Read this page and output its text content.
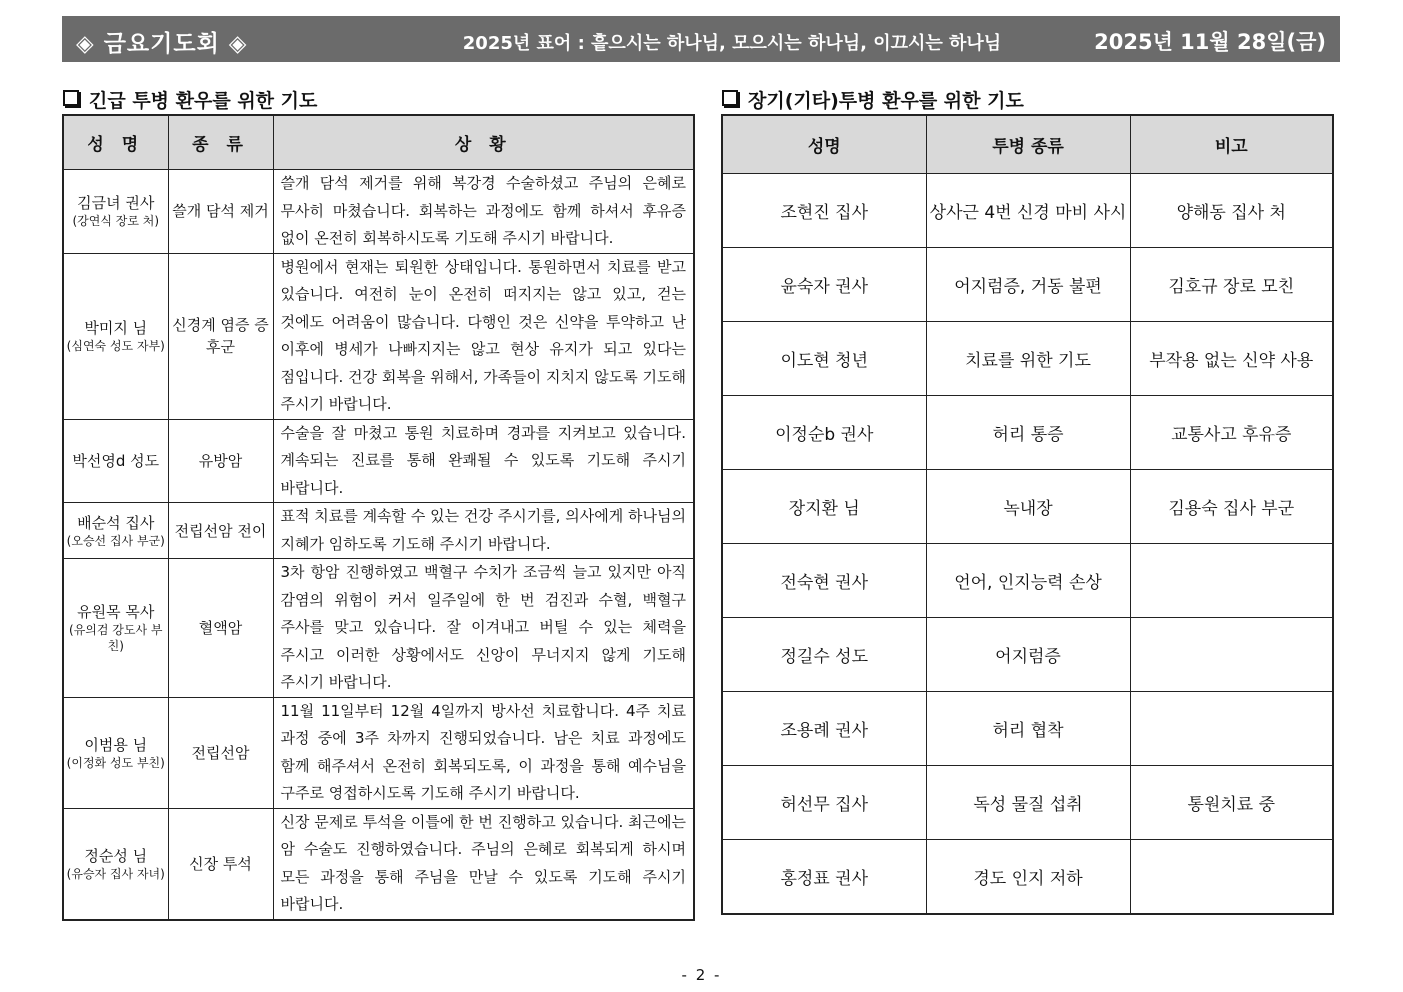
◈ 금요기도회 ◈	2025년 표어 : 흩으시는 하나님, 모으시는 하나님, 이끄시는 하나님	2025년 11월 28일(금)
긴급 투병 환우를 위한 기도	장기(기타)투병 환우를 위한 기도
성 명	종 류	상 황
김금녀 권사
(강연식 장로 처)	쓸개 담석 제거	쓸개 담석 제거를 위해 복강경 수술하셨고 주님의 은혜로 무사히 마쳤습니다. 회복하는 과정에도 함께 하셔서 후유증 없이 온전히 회복하시도록 기도해 주시기 바랍니다.
박미지 님
(심연숙 성도 자부)	신경계 염증 증후군	병원에서 현재는 퇴원한 상태입니다. 통원하면서 치료를 받고 있습니다. 여전히 눈이 온전히 떠지지는 않고 있고, 걷는 것에도 어려움이 많습니다. 다행인 것은 신약을 투약하고 난 이후에 병세가 나빠지지는 않고 현상 유지가 되고 있다는 점입니다. 건강 회복을 위해서, 가족들이 지치지 않도록 기도해 주시기 바랍니다.
박선영d 성도	유방암	수술을 잘 마쳤고 통원 치료하며 경과를 지켜보고 있습니다. 계속되는 진료를 통해 완쾌될 수 있도록 기도해 주시기 바랍니다.
배순석 집사
(오승선 집사 부군)	전립선암 전이	표적 치료를 계속할 수 있는 건강 주시기를, 의사에게 하나님의 지혜가 임하도록 기도해 주시기 바랍니다.
유원목 목사
(유의검 강도사 부친)	혈액암	3차 항암 진행하였고 백혈구 수치가 조금씩 늘고 있지만 아직 감염의 위험이 커서 일주일에 한 번 검진과 수혈, 백혈구 주사를 맞고 있습니다. 잘 이겨내고 버틸 수 있는 체력을 주시고 이러한 상황에서도 신앙이 무너지지 않게 기도해 주시기 바랍니다.
이범용 님
(이정화 성도 부친)	전립선암	11월 11일부터 12월 4일까지 방사선 치료합니다. 4주 치료 과정 중에 3주 차까지 진행되었습니다. 남은 치료 과정에도 함께 해주셔서 온전히 회복되도록, 이 과정을 통해 예수님을 구주로 영접하시도록 기도해 주시기 바랍니다.
정순성 님
(유승자 집사 자녀)	신장 투석	신장 문제로 투석을 이틀에 한 번 진행하고 있습니다. 최근에는 암 수술도 진행하였습니다. 주님의 은혜로 회복되게 하시며 모든 과정을 통해 주님을 만날 수 있도록 기도해 주시기 바랍니다.
성명	투병 종류	비고
조현진 집사	상사근 4번 신경 마비 사시	양해동 집사 처
윤숙자 권사	어지럼증, 거동 불편	김호규 장로 모친
이도현 청년	치료를 위한 기도	부작용 없는 신약 사용
이정순b 권사	허리 통증	교통사고 후유증
장지환 님	녹내장	김용숙 집사 부군
전숙현 권사	언어, 인지능력 손상	
정길수 성도	어지럼증	
조용례 권사	허리 협착	
허선무 집사	독성 물질 섭취	통원치료 중
홍정표 권사	경도 인지 저하	
- 2 -
